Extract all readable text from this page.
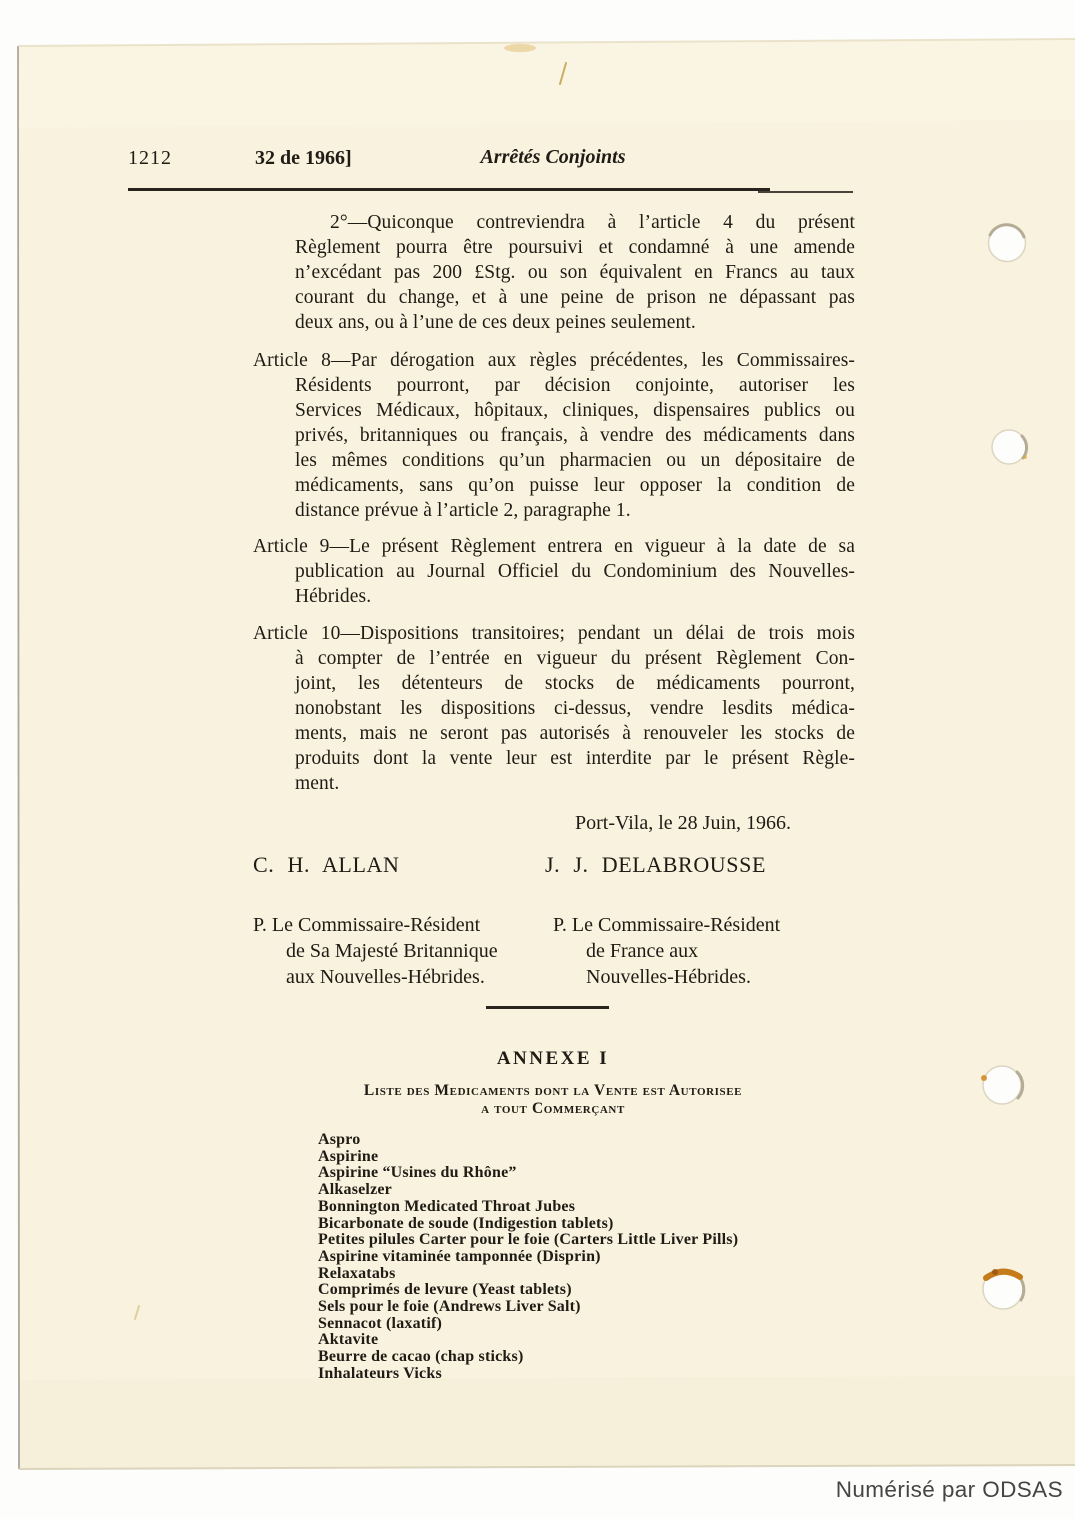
1212	32 de 1966]	Arrêtés Conjoints
2°—Quiconque contreviendra à l’article 4 du présent
Règlement pourra être poursuivi et condamné à une amende
n’excédant pas 200 £Stg. ou son équivalent en Francs au taux
courant du change, et à une peine de prison ne dépassant pas
deux ans, ou à l’une de ces deux peines seulement.
Article 8—Par dérogation aux règles précédentes, les Commissaires-
Résidents pourront, par décision conjointe, autoriser les
Services Médicaux, hôpitaux, cliniques, dispensaires publics ou
privés, britanniques ou français, à vendre des médicaments dans
les mêmes conditions qu’un pharmacien ou un dépositaire de
médicaments, sans qu’on puisse leur opposer la condition de
distance prévue à l’article 2, paragraphe 1.
Article 9—Le présent Règlement entrera en vigueur à la date de sa
publication au Journal Officiel du Condominium des Nouvelles-
Hébrides.
Article 10—Dispositions transitoires; pendant un délai de trois mois
à compter de l’entrée en vigueur du présent Règlement Con-
joint, les détenteurs de stocks de médicaments pourront,
nonobstant les dispositions ci-dessus, vendre lesdits médica-
ments, mais ne seront pas autorisés à renouveler les stocks de
produits dont la vente leur est interdite par le présent Règle-
ment.
Port-Vila, le 28 Juin, 1966.
C. H. ALLAN	J. J. DELABROUSSE
P. Le Commissaire-Résident
de Sa Majesté Britannique
aux Nouvelles-Hébrides.
P. Le Commissaire-Résident
de France aux
Nouvelles-Hébrides.
ANNEXE I
Liste des Medicaments dont la Vente est Autorisee
a tout Commerçant
Aspro
Aspirine
Aspirine “Usines du Rhône”
Alkaselzer
Bonnington Medicated Throat Jubes
Bicarbonate de soude (Indigestion tablets)
Petites pilules Carter pour le foie (Carters Little Liver Pills)
Aspirine vitaminée tamponnée (Disprin)
Relaxatabs
Comprimés de levure (Yeast tablets)
Sels pour le foie (Andrews Liver Salt)
Sennacot (laxatif)
Aktavite
Beurre de cacao (chap sticks)
Inhalateurs Vicks
Numérisé par ODSAS
